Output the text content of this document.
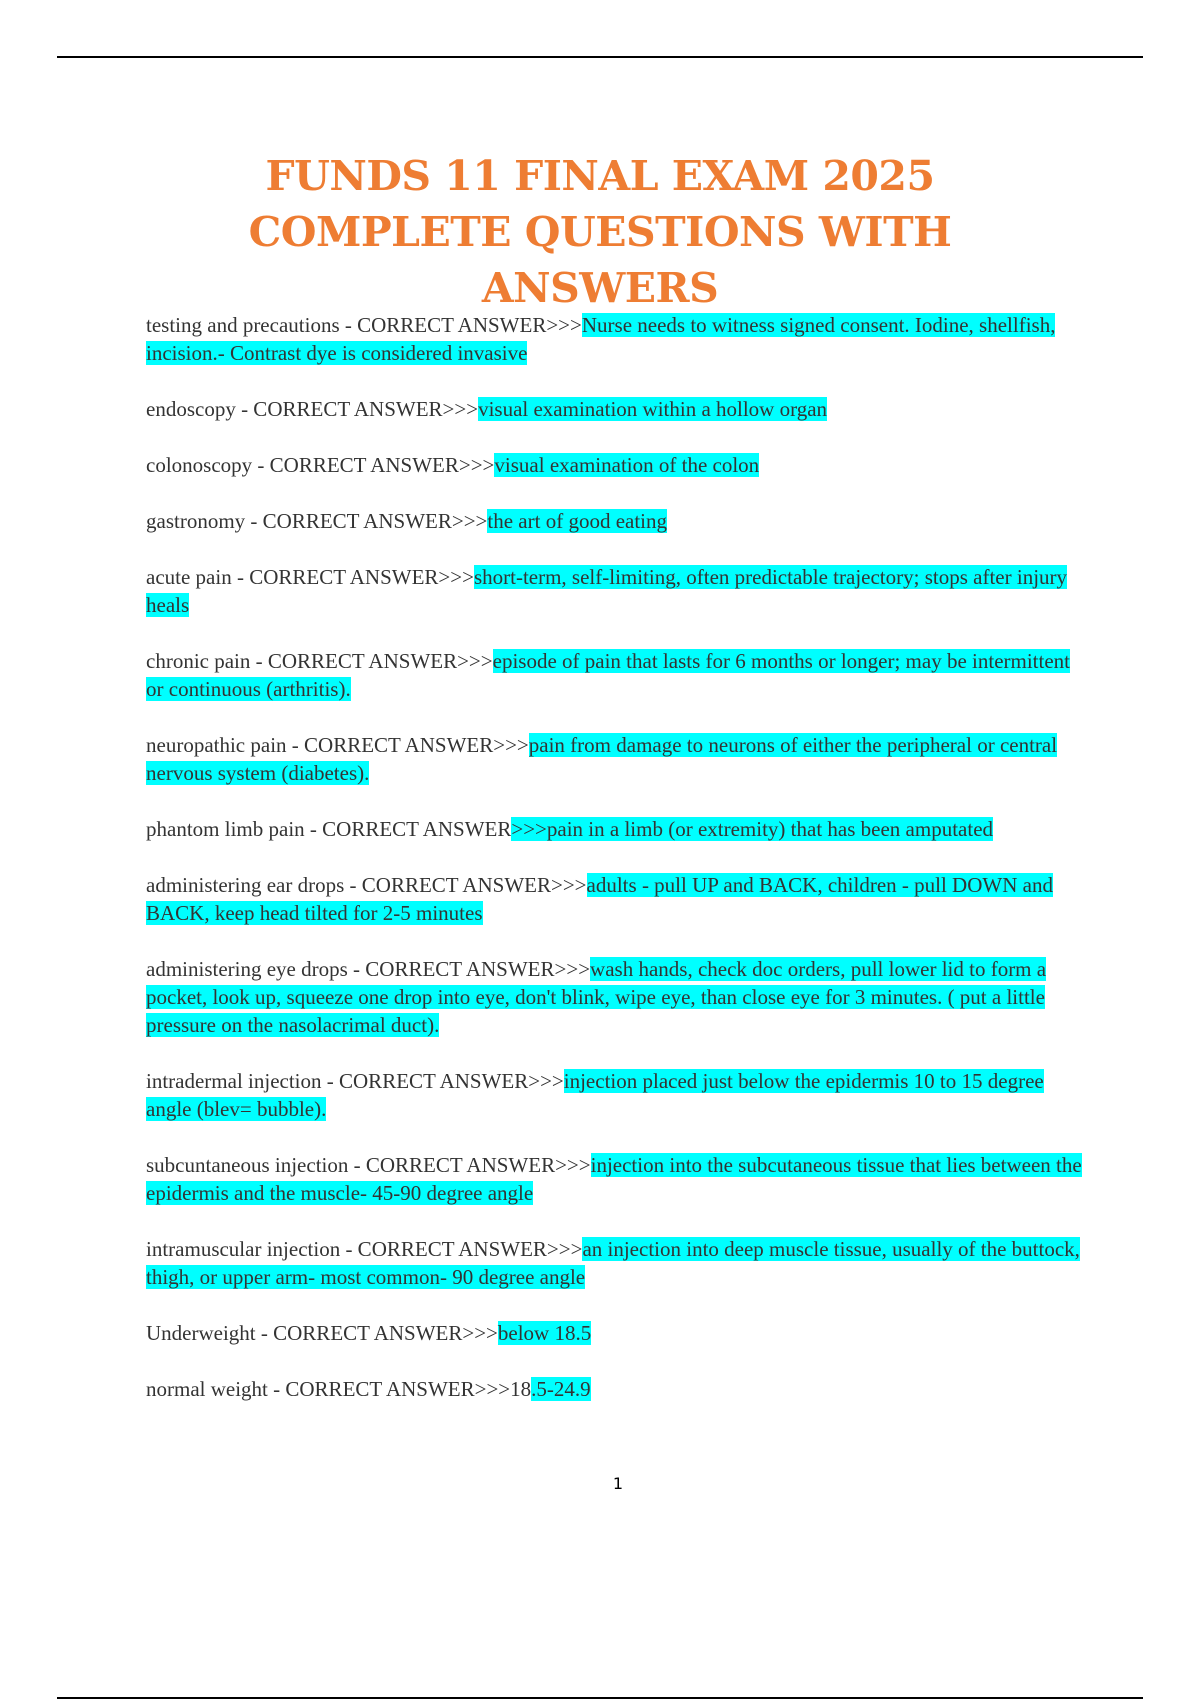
FUNDS 11 FINAL EXAM 2025
COMPLETE QUESTIONS WITH
ANSWERS
testing and precautions - CORRECT ANSWER>>>Nurse needs to witness signed consent. Iodine, shellfish, incision.- Contrast dye is considered invasive
endoscopy - CORRECT ANSWER>>>visual examination within a hollow organ
colonoscopy - CORRECT ANSWER>>>visual examination of the colon
gastronomy - CORRECT ANSWER>>>the art of good eating
acute pain - CORRECT ANSWER>>>short-term, self-limiting, often predictable trajectory; stops after injury heals
chronic pain - CORRECT ANSWER>>>episode of pain that lasts for 6 months or longer; may be intermittent or continuous (arthritis).
neuropathic pain - CORRECT ANSWER>>>pain from damage to neurons of either the peripheral or central nervous system (diabetes).
phantom limb pain - CORRECT ANSWER>>>pain in a limb (or extremity) that has been amputated
administering ear drops - CORRECT ANSWER>>>adults - pull UP and BACK, children - pull DOWN and BACK, keep head tilted for 2-5 minutes
administering eye drops - CORRECT ANSWER>>>wash hands, check doc orders, pull lower lid to form a pocket, look up, squeeze one drop into eye, don't blink, wipe eye, than close eye for 3 minutes. ( put a little pressure on the nasolacrimal duct).
intradermal injection - CORRECT ANSWER>>>injection placed just below the epidermis 10 to 15 degree angle (blev= bubble).
subcuntaneous injection - CORRECT ANSWER>>>injection into the subcutaneous tissue that lies between the epidermis and the muscle- 45-90 degree angle
intramuscular injection - CORRECT ANSWER>>>an injection into deep muscle tissue, usually of the buttock, thigh, or upper arm- most common- 90 degree angle
Underweight - CORRECT ANSWER>>>below 18.5
normal weight - CORRECT ANSWER>>>18.5-24.9
1
